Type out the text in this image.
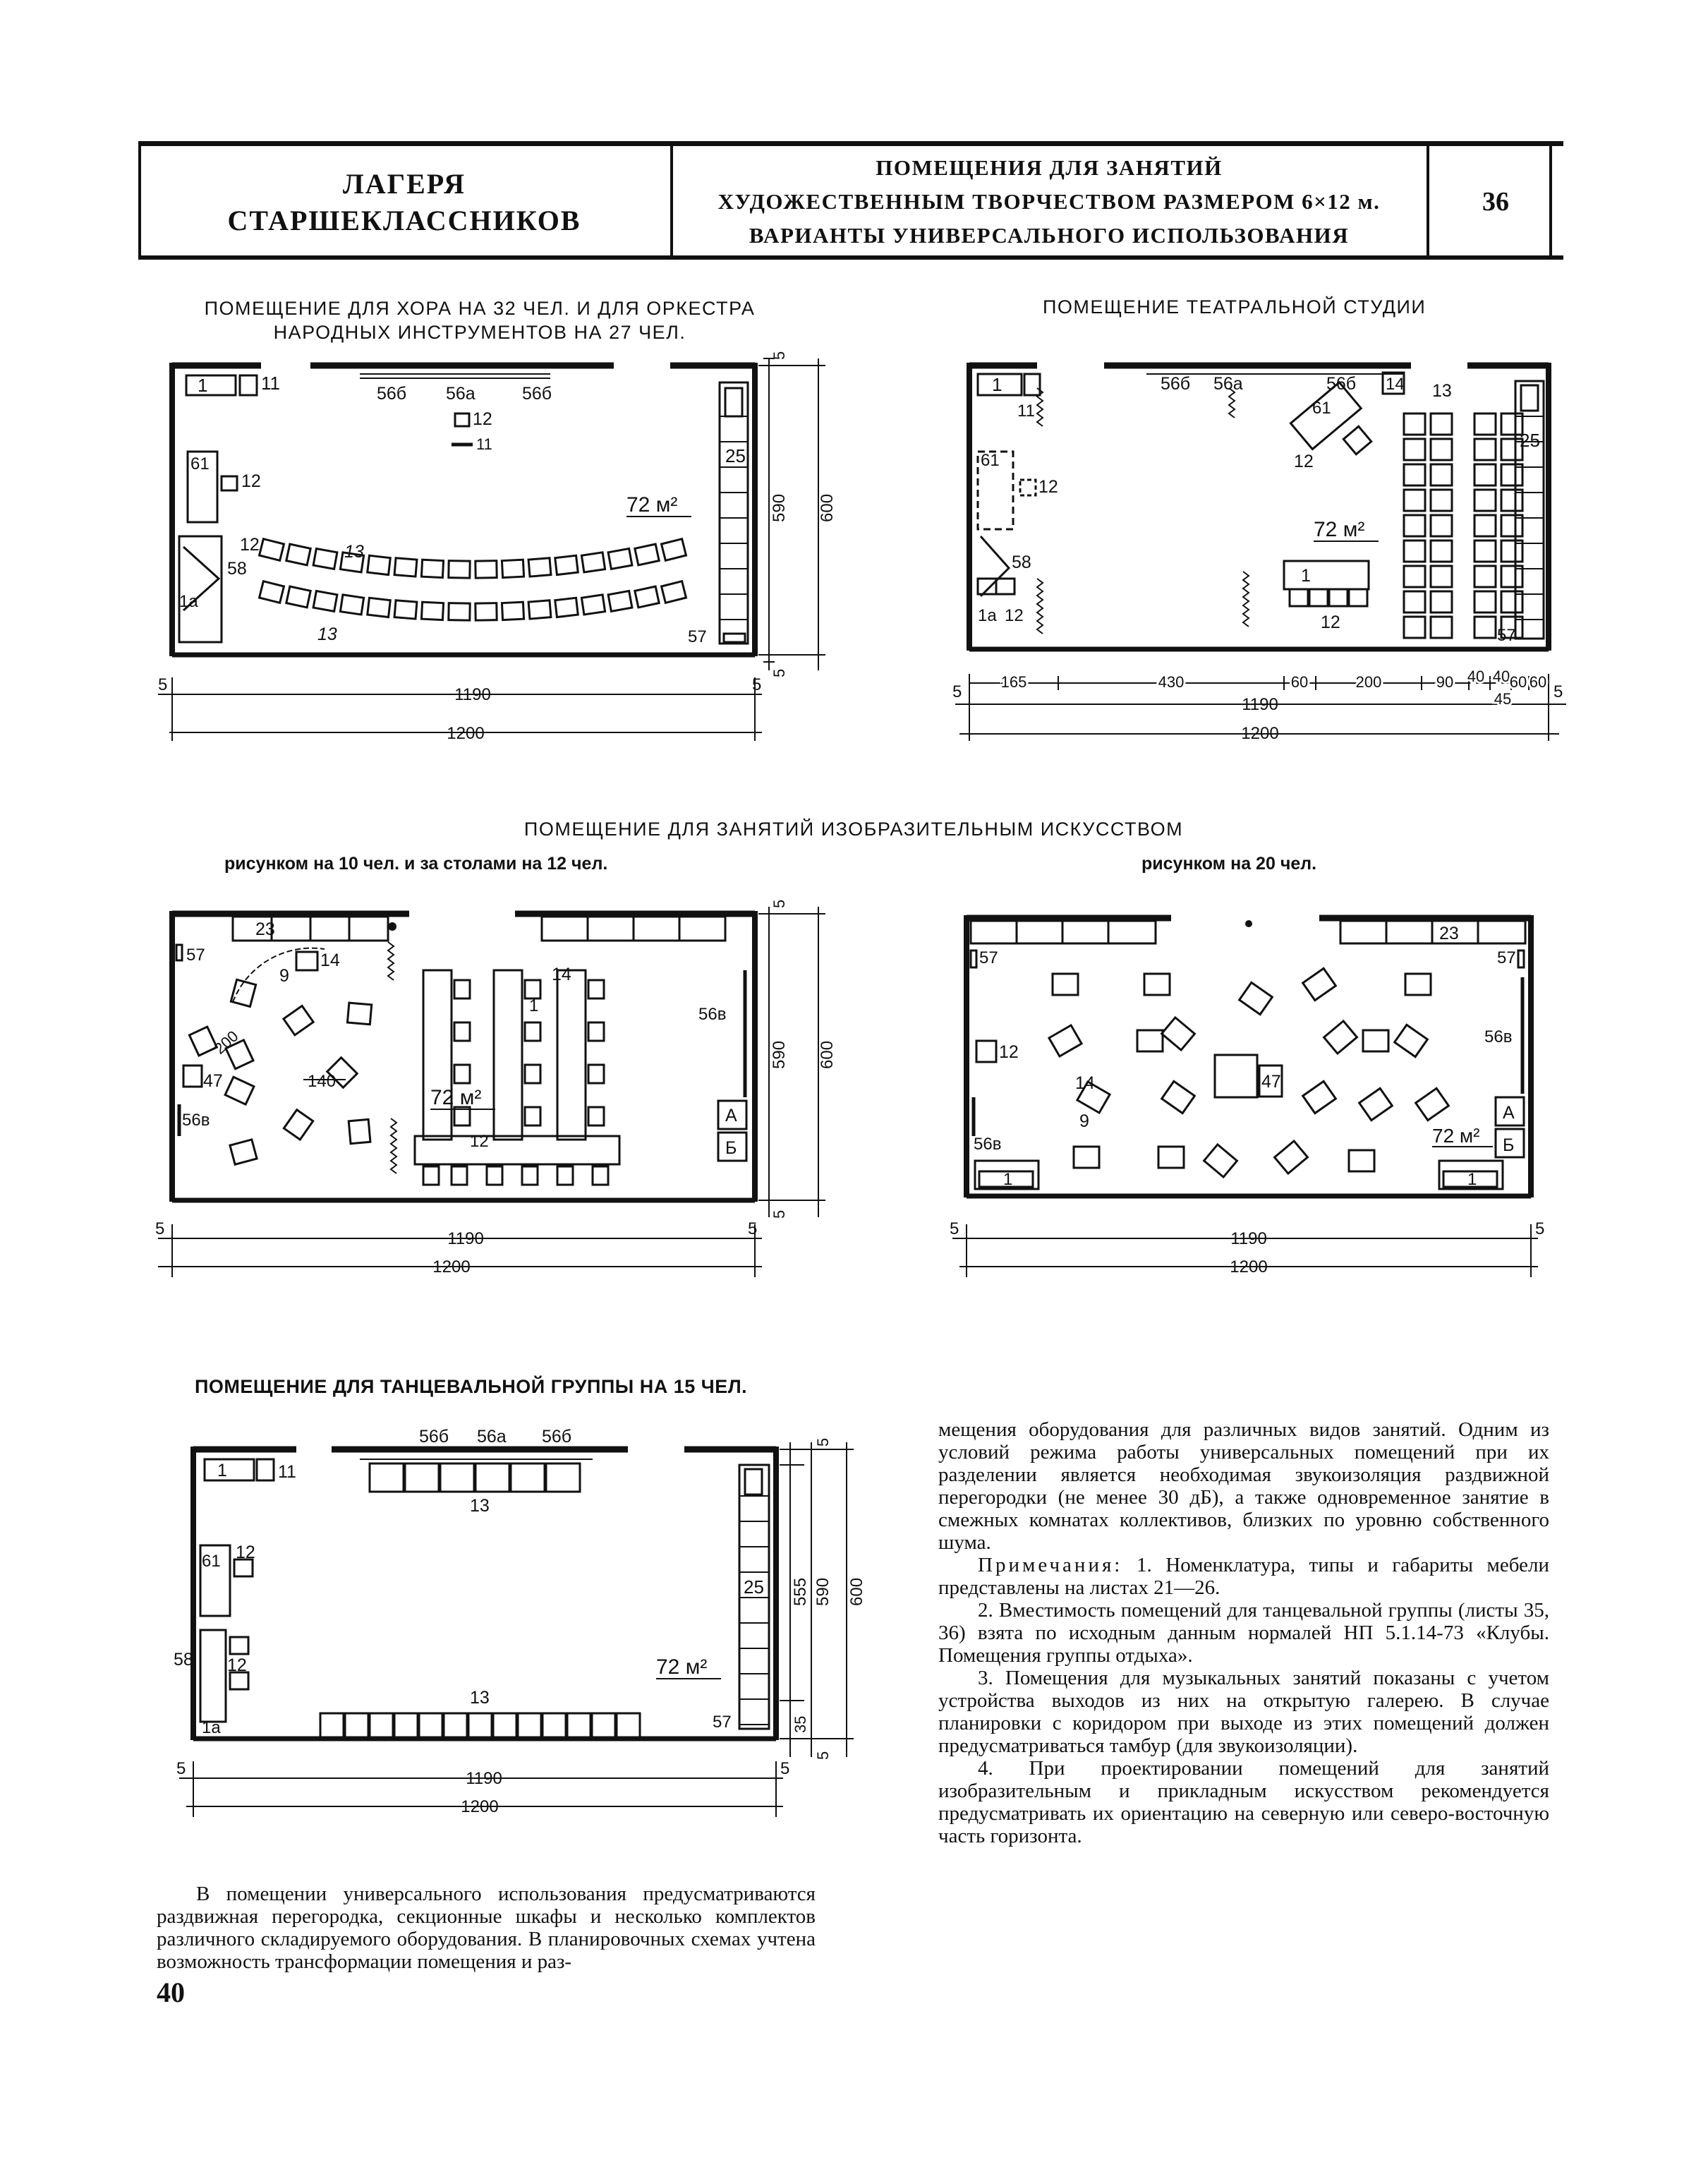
ЛАГЕРЯ
СТАРШЕКЛАССНИКОВ
ПОМЕЩЕНИЯ ДЛЯ ЗАНЯТИЙ
ХУДОЖЕСТВЕННЫМ ТВОРЧЕСТВОМ РАЗМЕРОМ 6×12 м.
ВАРИАНТЫ УНИВЕРСАЛЬНОГО ИСПОЛЬЗОВАНИЯ
36
ПОМЕЩЕНИЕ ДЛЯ ХОРА НА 32 ЧЕЛ. И ДЛЯ ОРКЕСТРА
НАРОДНЫХ ИНСТРУМЕНТОВ НА 27 ЧЕЛ.
ПОМЕЩЕНИЕ ТЕАТРАЛЬНОЙ СТУДИИ
ПОМЕЩЕНИЕ ДЛЯ ЗАНЯТИЙ ИЗОБРАЗИТЕЛЬНЫМ ИСКУССТВОМ
рисунком на 10 чел. и за столами на 12 чел.	рисунком на 20 чел.
ПОМЕЩЕНИЕ ДЛЯ ТАНЦЕВАЛЬНОЙ ГРУППЫ НА 15 ЧЕЛ.
1	11	56б 56а	56б
12
11
61
12
12
58
1а
13
13
25
57
72 м²	590 600
5
5
5	5
1190
1200
1
11
56б 56а	56б 14 13
61
12
61
12
58
1а 12
1
12
25
57
72 м²
165	430	60	200	90 40 40 60 60
45
5	5
1190
1200
23
57	14
9
200
140
47
56в
14
1	56в
А
Б
12
72 м²
590 600
5
5
5	5
1190
1200
23
57	57
56в
12
14
9
47
56в
1	1
А
Б
72 м²
5	5
1190
1200
56б 56а 56б
1	11
13
61 12
58 12
1а
13
25
57
72 м²
5
555 590 600
35
5
5	5
1190
1200

В помещении универсального использования предусматриваются раздвижная перегородка, секционные шкафы и несколько комплектов различного складируемого оборудования. В планировочных схемах учтена возможность трансформации помещения и раз-

40

мещения оборудования для различных видов занятий. Одним из условий режима работы универсальных помещений при их разделении является необходимая звукоизоляция раздвижной перегородки (не менее 30 дБ), а также одновременное занятие в смежных комнатах коллективов, близких по уровню собственного шума.

Примечания: 1. Номенклатура, типы и габариты мебели представлены на листах 21—26.

2. Вместимость помещений для танцевальной группы (листы 35, 36) взята по исходным данным нормалей НП 5.1.14-73 «Клубы. Помещения группы отдыха».

3. Помещения для музыкальных занятий показаны с учетом устройства выходов из них на открытую галерею. В случае планировки с коридором при выходе из этих помещений должен предусматриваться тамбур (для звукоизоляции).

4. При проектировании помещений для занятий изобразительным и прикладным искусством рекомендуется предусматривать их ориентацию на северную или северо-восточную часть горизонта.
